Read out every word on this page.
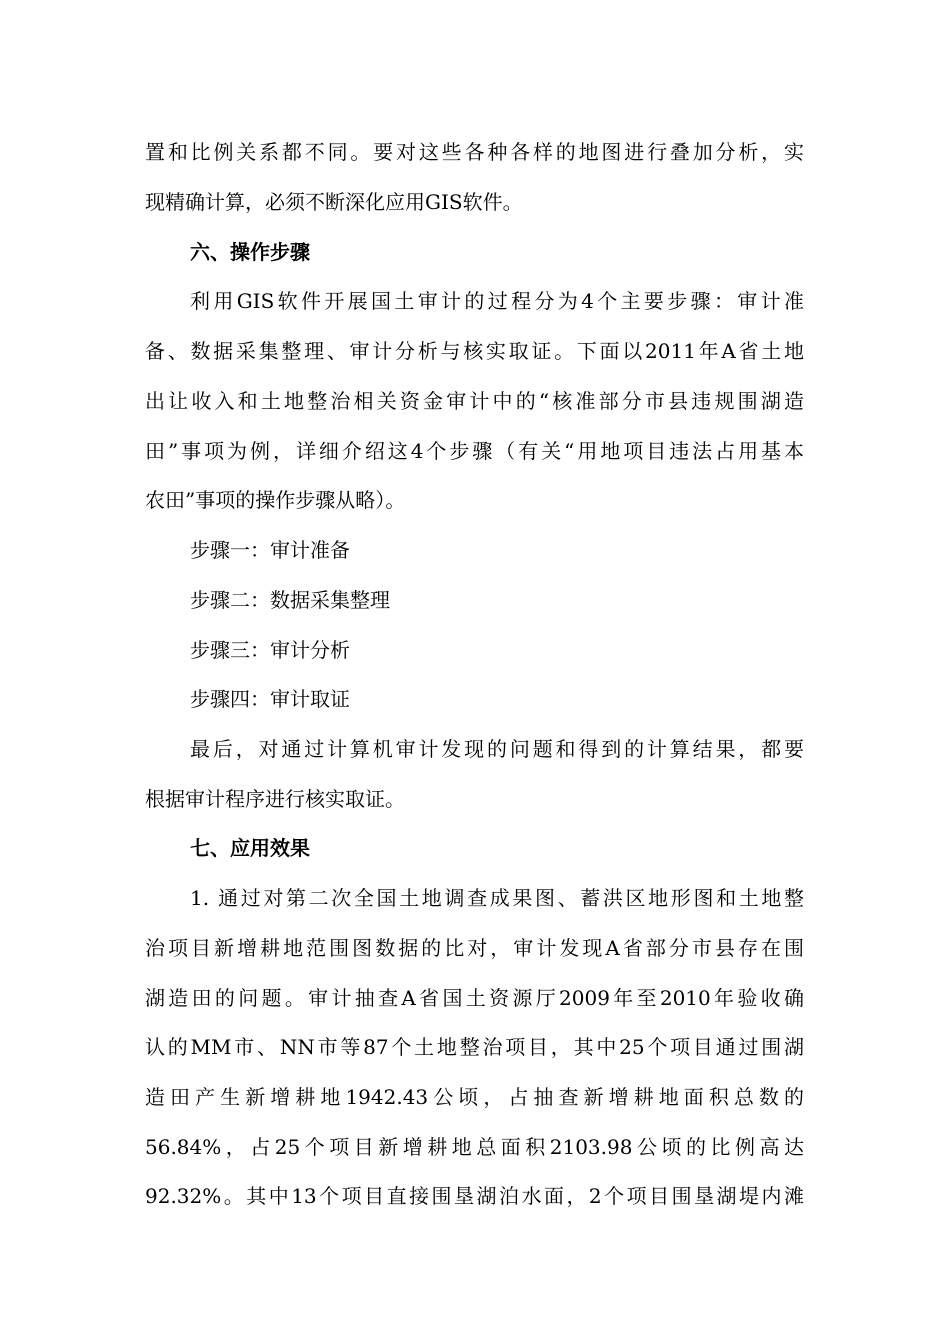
置和比例关系都不同。要对这些各种各样的地图进行叠加分析，实
现精确计算，必须不断深化应用GIS软件。
六、操作步骤
利用GIS软件开展国土审计的过程分为4个主要步骤：审计准
备、数据采集整理、审计分析与核实取证。下面以2011年A省土地
出让收入和土地整治相关资金审计中的“核准部分市县违规围湖造
田”事项为例，详细介绍这4个步骤（有关“用地项目违法占用基本
农田”事项的操作步骤从略）。
步骤一：审计准备
步骤二：数据采集整理
步骤三：审计分析
步骤四：审计取证
最后，对通过计算机审计发现的问题和得到的计算结果，都要
根据审计程序进行核实取证。
七、应用效果
1. 通过对第二次全国土地调查成果图、蓄洪区地形图和土地整
治项目新增耕地范围图数据的比对，审计发现A省部分市县存在围
湖造田的问题。审计抽查A省国土资源厅2009年至2010年验收确
认的MM市、NN市等87个土地整治项目，其中25个项目通过围湖
造田产生新增耕地1942.43公顷，占抽查新增耕地面积总数的
56.84%，占25个项目新增耕地总面积2103.98公顷的比例高达
92.32%。其中13个项目直接围垦湖泊水面，2个项目围垦湖堤内滩
